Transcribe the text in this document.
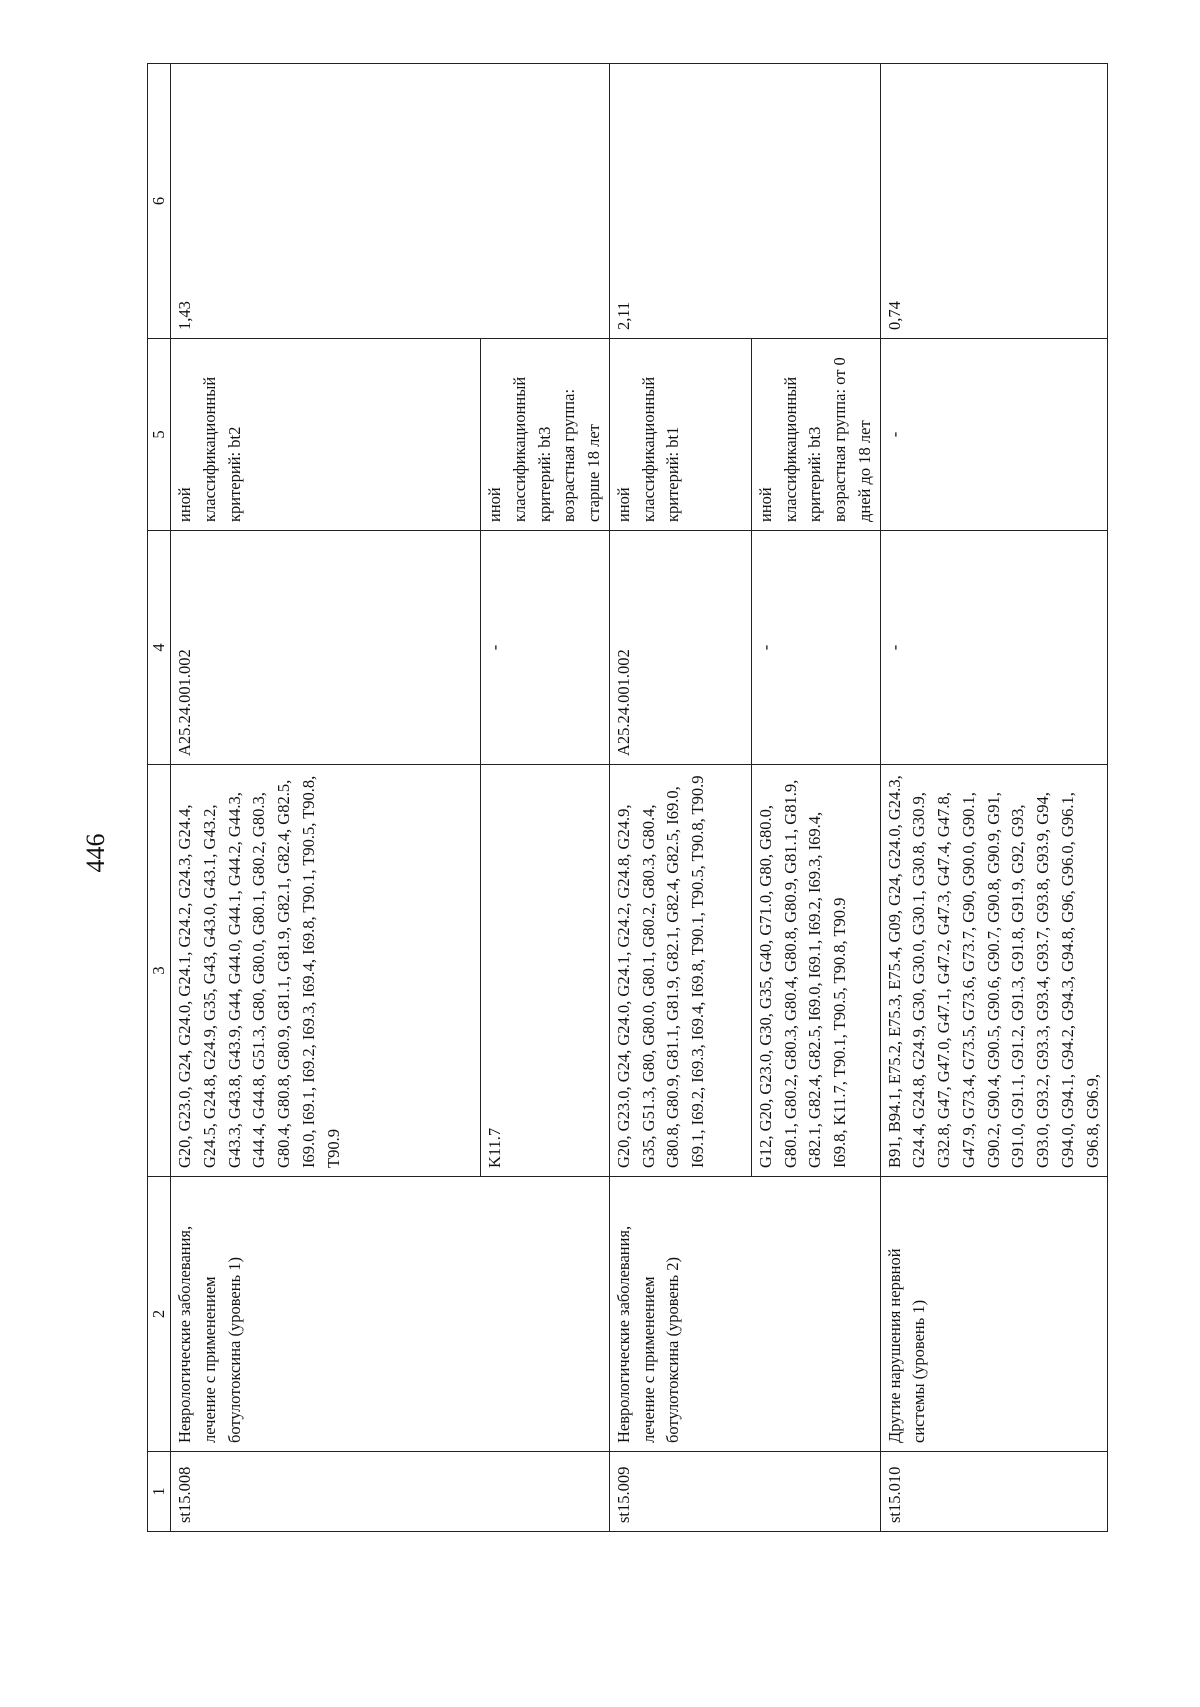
446
1	2	3	4	5	6
st15.008	Неврологические заболевания, лечение с применением ботулотоксина (уровень 1)	G20, G23.0, G24, G24.0, G24.1, G24.2, G24.3, G24.4, G24.5, G24.8, G24.9, G35, G43, G43.0, G43.1, G43.2, G43.3, G43.8, G43.9, G44, G44.0, G44.1, G44.2, G44.3, G44.4, G44.8, G51.3, G80, G80.0, G80.1, G80.2, G80.3, G80.4, G80.8, G80.9, G81.1, G81.9, G82.1, G82.4, G82.5, I69.0, I69.1, I69.2, I69.3, I69.4, I69.8, T90.1, T90.5, T90.8, T90.9	A25.24.001.002	иной классификационный критерий: bt2	1,43
		K11.7	-	иной классификационный критерий: bt3 возрастная группа: старше 18 лет	
st15.009	Неврологические заболевания, лечение с применением ботулотоксина (уровень 2)	G20, G23.0, G24, G24.0, G24.1, G24.2, G24.8, G24.9, G35, G51.3, G80, G80.0, G80.1, G80.2, G80.3, G80.4, G80.8, G80.9, G81.1, G81.9, G82.1, G82.4, G82.5, I69.0, I69.1, I69.2, I69.3, I69.4, I69.8, T90.1, T90.5, T90.8, T90.9	A25.24.001.002	иной классификационный критерий: bt1	2,11
		G12, G20, G23.0, G30, G35, G40, G71.0, G80, G80.0, G80.1, G80.2, G80.3, G80.4, G80.8, G80.9, G81.1, G81.9, G82.1, G82.4, G82.5, I69.0, I69.1, I69.2, I69.3, I69.4, I69.8, K11.7, T90.1, T90.5, T90.8, T90.9	-	иной классификационный критерий: bt3 возрастная группа: от 0 дней до 18 лет	
st15.010	Другие нарушения нервной системы (уровень 1)	B91, B94.1, E75.2, E75.3, E75.4, G09, G24, G24.0, G24.3, G24.4, G24.8, G24.9, G30, G30.0, G30.1, G30.8, G30.9, G32.8, G47, G47.0, G47.1, G47.2, G47.3, G47.4, G47.8, G47.9, G73.4, G73.5, G73.6, G73.7, G90, G90.0, G90.1, G90.2, G90.4, G90.5, G90.6, G90.7, G90.8, G90.9, G91, G91.0, G91.1, G91.2, G91.3, G91.8, G91.9, G92, G93, G93.0, G93.2, G93.3, G93.4, G93.7, G93.8, G93.9, G94, G94.0, G94.1, G94.2, G94.3, G94.8, G96, G96.0, G96.1, G96.8, G96.9,	-	-	0,74
